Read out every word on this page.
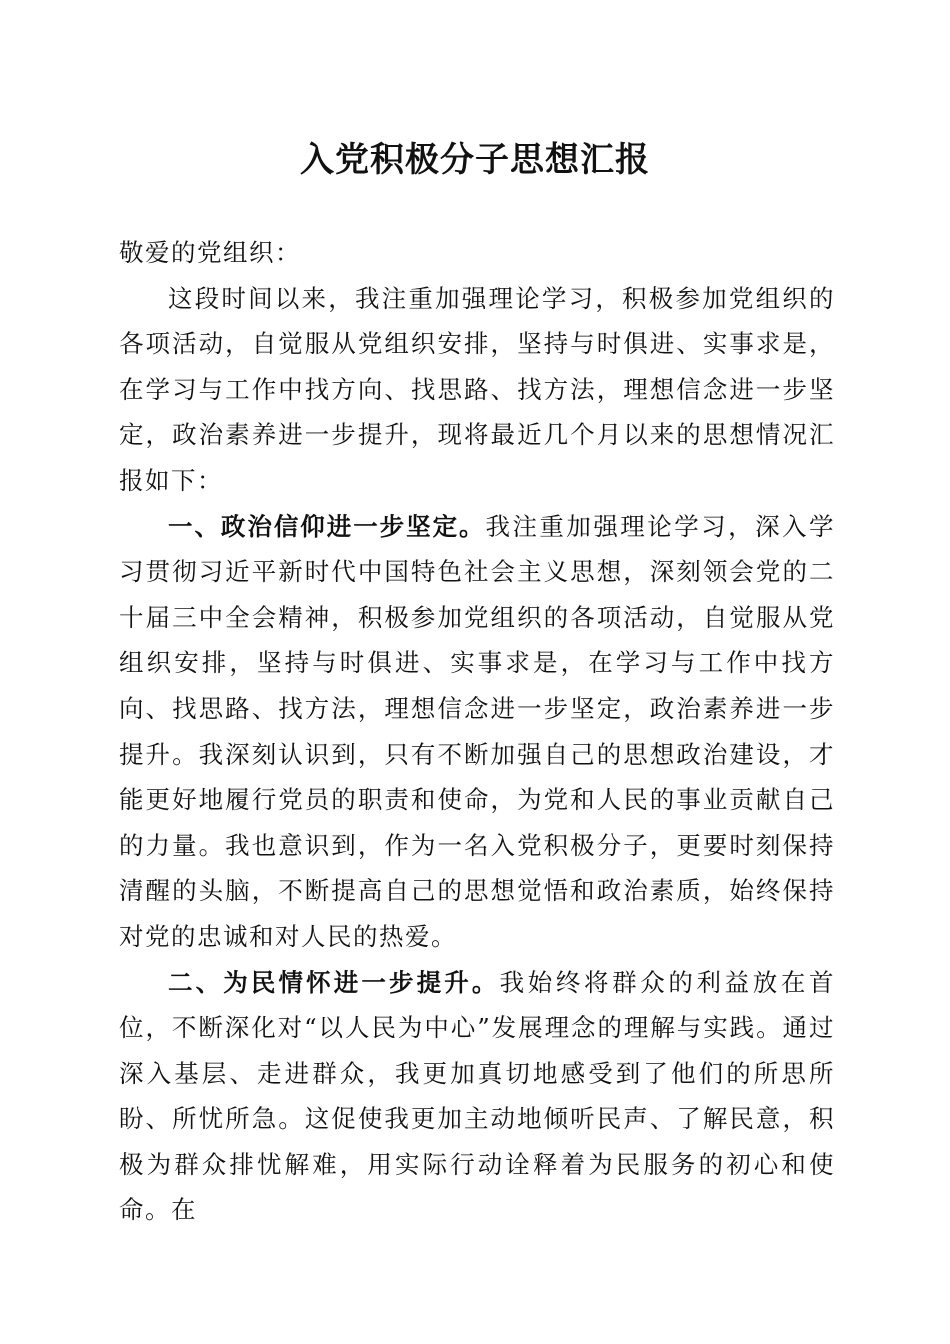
入党积极分子思想汇报

敬爱的党组织：

这段时间以来，我注重加强理论学习，积极参加党组织的各项活动，自觉服从党组织安排，坚持与时俱进、实事求是，在学习与工作中找方向、找思路、找方法，理想信念进一步坚定，政治素养进一步提升，现将最近几个月以来的思想情况汇报如下：

一、政治信仰进一步坚定。我注重加强理论学习，深入学习贯彻习近平新时代中国特色社会主义思想，深刻领会党的二十届三中全会精神，积极参加党组织的各项活动，自觉服从党组织安排，坚持与时俱进、实事求是，在学习与工作中找方向、找思路、找方法，理想信念进一步坚定，政治素养进一步提升。我深刻认识到，只有不断加强自己的思想政治建设，才能更好地履行党员的职责和使命，为党和人民的事业贡献自己的力量。我也意识到，作为一名入党积极分子，更要时刻保持清醒的头脑，不断提高自己的思想觉悟和政治素质，始终保持对党的忠诚和对人民的热爱。

二、为民情怀进一步提升。我始终将群众的利益放在首位，不断深化对“以人民为中心”发展理念的理解与实践。通过深入基层、走进群众，我更加真切地感受到了他们的所思所盼、所忧所急。这促使我更加主动地倾听民声、了解民意，积极为群众排忧解难，用实际行动诠释着为民服务的初心和使命。在
